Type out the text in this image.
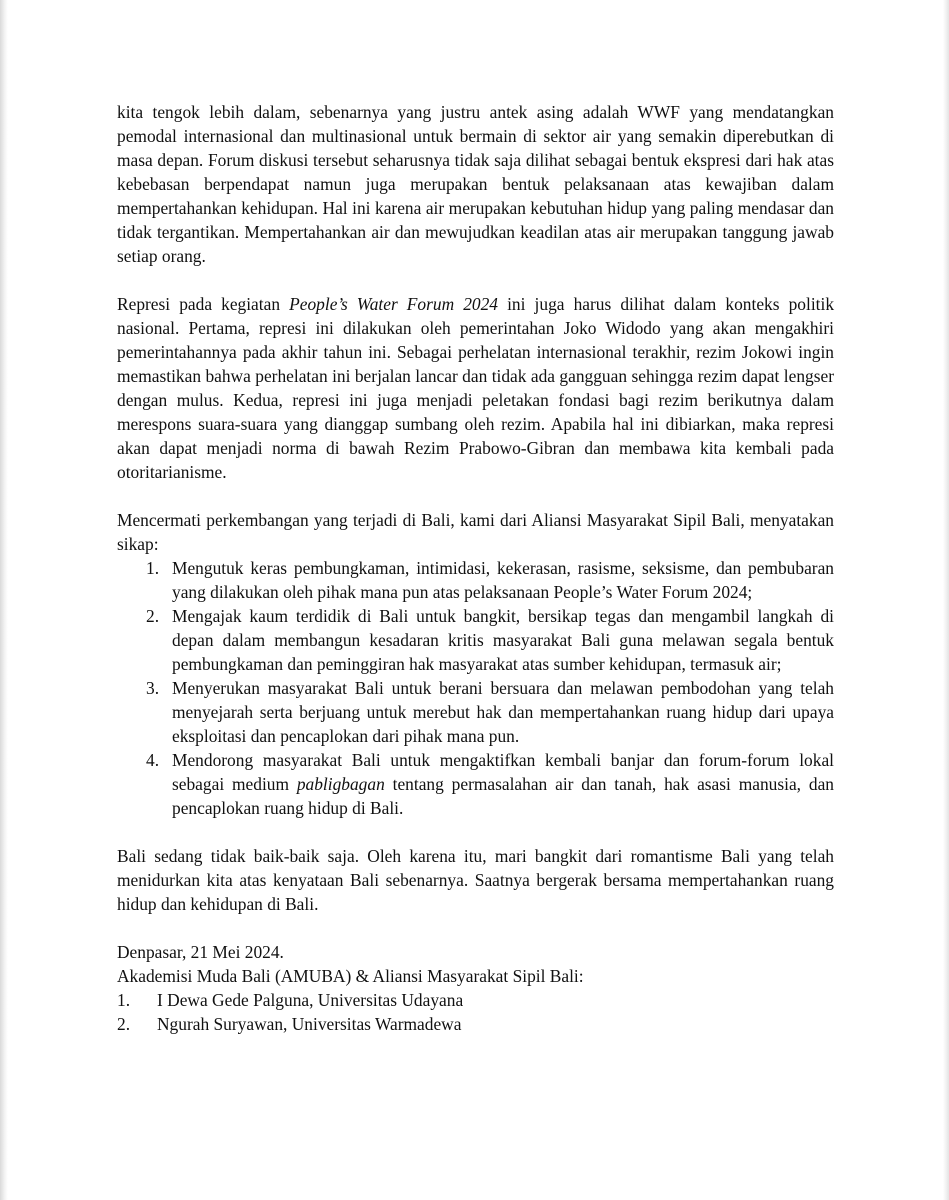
kita tengok lebih dalam, sebenarnya yang justru antek asing adalah WWF yang mendatangkan pemodal internasional dan multinasional untuk bermain di sektor air yang semakin diperebutkan di masa depan. Forum diskusi tersebut seharusnya tidak saja dilihat sebagai bentuk ekspresi dari hak atas kebebasan berpendapat namun juga merupakan bentuk pelaksanaan atas kewajiban dalam mempertahankan kehidupan. Hal ini karena air merupakan kebutuhan hidup yang paling mendasar dan tidak tergantikan. Mempertahankan air dan mewujudkan keadilan atas air merupakan tanggung jawab setiap orang.

Represi pada kegiatan People’s Water Forum 2024 ini juga harus dilihat dalam konteks politik nasional. Pertama, represi ini dilakukan oleh pemerintahan Joko Widodo yang akan mengakhiri pemerintahannya pada akhir tahun ini. Sebagai perhelatan internasional terakhir, rezim Jokowi ingin memastikan bahwa perhelatan ini berjalan lancar dan tidak ada gangguan sehingga rezim dapat lengser dengan mulus. Kedua, represi ini juga menjadi peletakan fondasi bagi rezim berikutnya dalam merespons suara-suara yang dianggap sumbang oleh rezim. Apabila hal ini dibiarkan, maka represi akan dapat menjadi norma di bawah Rezim Prabowo-Gibran dan membawa kita kembali pada otoritarianisme.

Mencermati perkembangan yang terjadi di Bali, kami dari Aliansi Masyarakat Sipil Bali, menyatakan sikap:

1. Mengutuk keras pembungkaman, intimidasi, kekerasan, rasisme, seksisme, dan pembubaran yang dilakukan oleh pihak mana pun atas pelaksanaan People’s Water Forum 2024;
2. Mengajak kaum terdidik di Bali untuk bangkit, bersikap tegas dan mengambil langkah di depan dalam membangun kesadaran kritis masyarakat Bali guna melawan segala bentuk pembungkaman dan peminggiran hak masyarakat atas sumber kehidupan, termasuk air;
3. Menyerukan masyarakat Bali untuk berani bersuara dan melawan pembodohan yang telah menyejarah serta berjuang untuk merebut hak dan mempertahankan ruang hidup dari upaya eksploitasi dan pencaplokan dari pihak mana pun.
4. Mendorong masyarakat Bali untuk mengaktifkan kembali banjar dan forum-forum lokal sebagai medium pabligbagan tentang permasalahan air dan tanah, hak asasi manusia, dan pencaplokan ruang hidup di Bali.

Bali sedang tidak baik-baik saja. Oleh karena itu, mari bangkit dari romantisme Bali yang telah menidurkan kita atas kenyataan Bali sebenarnya. Saatnya bergerak bersama mempertahankan ruang hidup dan kehidupan di Bali.

Denpasar, 21 Mei 2024.
Akademisi Muda Bali (AMUBA) & Aliansi Masyarakat Sipil Bali:
1. I Dewa Gede Palguna, Universitas Udayana
2. Ngurah Suryawan, Universitas Warmadewa
